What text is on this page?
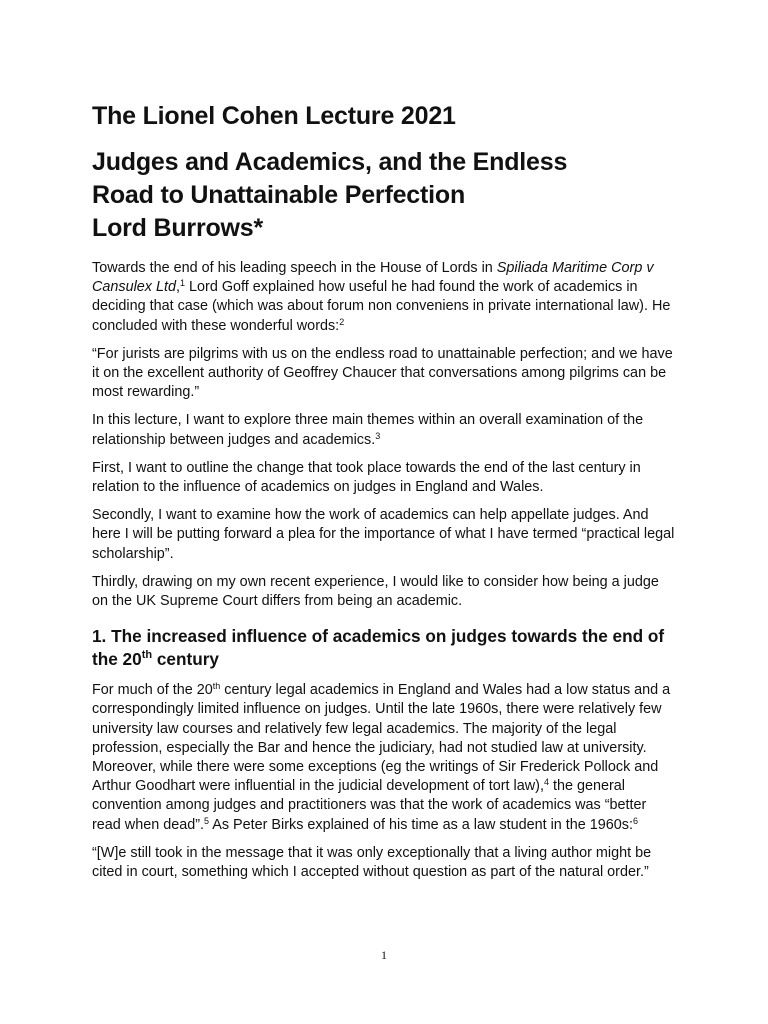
The Lionel Cohen Lecture 2021
Judges and Academics, and the Endless
Road to Unattainable Perfection
Lord Burrows*

Towards the end of his leading speech in the House of Lords in Spiliada Maritime Corp v Cansulex Ltd,$^1$ Lord Goff explained how useful he had found the work of academics in deciding that case (which was about forum non conveniens in private international law). He concluded with these wonderful words:$^2$

“For jurists are pilgrims with us on the endless road to unattainable perfection; and we have it on the excellent authority of Geoffrey Chaucer that conversations among pilgrims can be most rewarding.”

In this lecture, I want to explore three main themes within an overall examination of the relationship between judges and academics.$^3$

First, I want to outline the change that took place towards the end of the last century in relation to the influence of academics on judges in England and Wales.

Secondly, I want to examine how the work of academics can help appellate judges. And here I will be putting forward a plea for the importance of what I have termed “practical legal scholarship”.

Thirdly, drawing on my own recent experience, I would like to consider how being a judge on the UK Supreme Court differs from being an academic.

1. The increased influence of academics on judges towards the end of the 20th century

For much of the 20th century legal academics in England and Wales had a low status and a correspondingly limited influence on judges. Until the late 1960s, there were relatively few university law courses and relatively few legal academics. The majority of the legal profession, especially the Bar and hence the judiciary, had not studied law at university. Moreover, while there were some exceptions (eg the writings of Sir Frederick Pollock and Arthur Goodhart were influential in the judicial development of tort law),$^4$ the general convention among judges and practitioners was that the work of academics was “better read when dead”.$^5$ As Peter Birks explained of his time as a law student in the 1960s:$^6$

“[W]e still took in the message that it was only exceptionally that a living author might be cited in court, something which I accepted without question as part of the natural order.”

1
